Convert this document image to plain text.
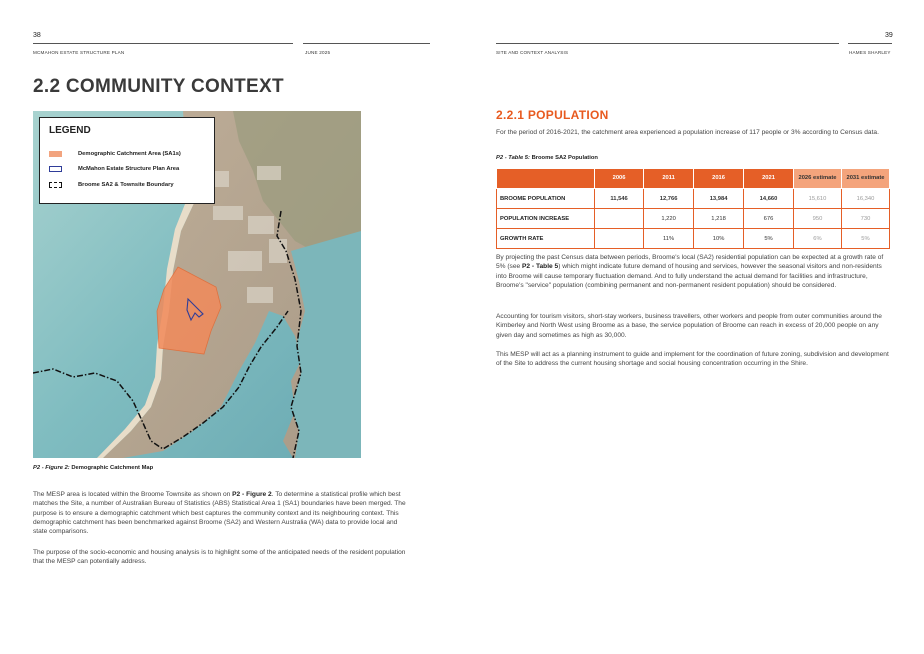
38
MCMAHON ESTATE STRUCTURE PLAN	JUNE 2025
2.2 COMMUNITY CONTEXT
LEGEND
Demographic Catchment Area (SA1s)
McMahon Estate Structure Plan Area
Broome SA2 & Townsite Boundary
P2 - Figure 2: Demographic Catchment Map

The MESP area is located within the Broome Townsite as shown on P2 - Figure 2. To determine a statistical profile which best matches the Site, a number of Australian Bureau of Statistics (ABS) Statistical Area 1 (SA1) boundaries have been merged. The purpose is to ensure a demographic catchment which best captures the community context and its neighbouring context. This demographic catchment has been benchmarked against Broome (SA2) and Western Australia (WA) data to provide local and state comparisons.

The purpose of the socio-economic and housing analysis is to highlight some of the anticipated needs of the resident population that the MESP can potentially address.

39
SITE AND CONTEXT ANALYSIS	HAMES SHARLEY
2.2.1 POPULATION

For the period of 2016-2021, the catchment area experienced a population increase of 117 people or 3% according to Census data.

P2 - Table 5: Broome SA2 Population
	2006	2011	2016	2021	2026 estimate	2031 estimate
BROOME POPULATION	11,546	12,766	13,984	14,660	15,610	16,340
POPULATION INCREASE		1,220	1,218	676	950	730
GROWTH RATE		11%	10%	5%	6%	5%

By projecting the past Census data between periods, Broome's local (SA2) residential population can be expected at a growth rate of 5% (see P2 - Table 5) which might indicate future demand of housing and services, however the seasonal visitors and non-residents into Broome will cause temporary fluctuation demand. And to fully understand the actual demand for facilities and infrastructure, Broome's "service" population (combining permanent and non-permanent resident population) should be considered.

Accounting for tourism visitors, short-stay workers, business travellers, other workers and people from outer communities around the Kimberley and North West using Broome as a base, the service population of Broome can reach in excess of 20,000 people on any given day and sometimes as high as 30,000.

This MESP will act as a planning instrument to guide and implement for the coordination of future zoning, subdivision and development of the Site to address the current housing shortage and social housing concentration occurring in the Shire.
